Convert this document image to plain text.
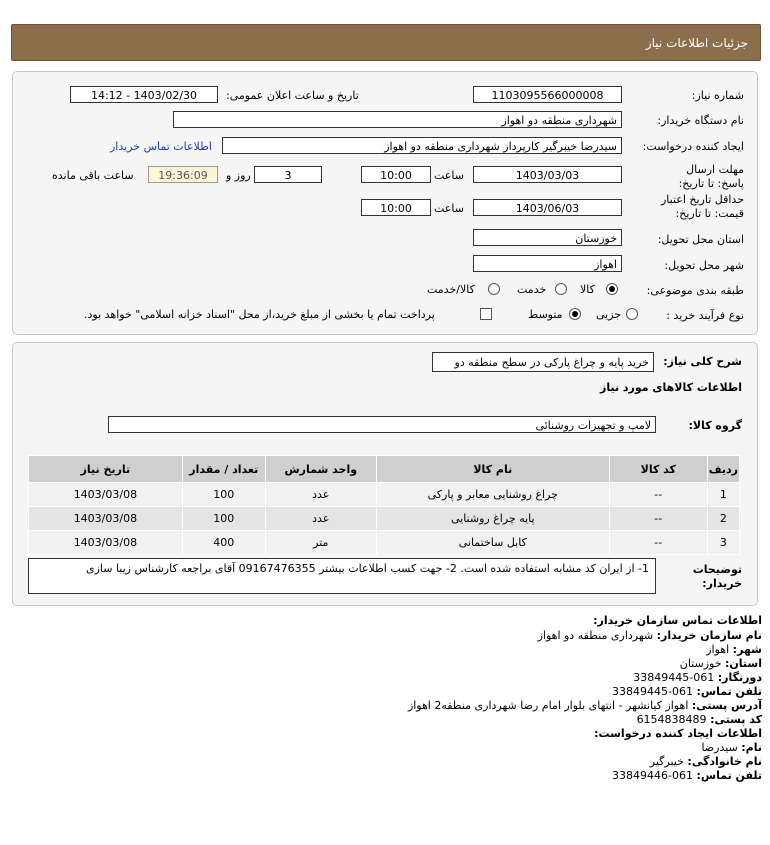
جزئیات اطلاعات نیاز
شماره نیاز:
1103095566000008
تاریخ و ساعت اعلان عمومی:
1403/02/30 - 14:12
نام دستگاه خریدار:
شهرداری منطقه دو اهواز
ایجاد کننده درخواست:
سیدرضا خیبرگیر کارپرداز شهرداری منطقه دو اهواز
اطلاعات تماس خریدار
مهلت ارسال پاسخ: تا تاریخ:
1403/03/03
ساعت
10:00
3
روز و
19:36:09
ساعت باقی مانده
حداقل تاریخ اعتبار قیمت: تا تاریخ:
1403/06/03
ساعت
10:00
استان محل تحویل:
خوزستان
شهر محل تحویل:
اهواز
طبقه بندی موضوعی:
کالا
خدمت
کالا/خدمت
نوع فرآیند خرید :
جزیی
متوسط
پرداخت تمام یا بخشی از مبلغ خرید،از محل "اسناد خزانه اسلامی" خواهد بود.
شرح کلی نیاز:
خرید پایه و چراغ پارکی در سطح منطقه دو
اطلاعات کالاهای مورد نیاز
گروه کالا:
لامپ و تجهیزات روشنائی
ردیف	کد کالا	نام کالا	واحد شمارش	تعداد / مقدار	تاریخ نیاز
1	--	چراغ روشنایی معابر و پارکی	عدد	100	1403/03/08
2	--	پایه چراغ روشنایی	عدد	100	1403/03/08
3	--	کابل ساختمانی	متر	400	1403/03/08
توضیحات خریدار:
1- از ایران کد مشابه استفاده شده است. 2- جهت کسب اطلاعات بیشتر 09167476355 آقای براجعه کارشناس زیبا سازی
اطلاعات تماس سازمان خریدار:
نام سازمان خریدار: شهرداری منطقه دو اهواز
شهر: اهواز
استان: خوزستان
دورنگار: 061-33849445
تلفن تماس: 061-33849445
آدرس پستی: اهواز کیانشهر - انتهای بلوار امام رضا شهرداری منطقه2 اهواز
کد پستی: 6154838489
اطلاعات ایجاد کننده درخواست:
نام: سیدرضا
نام خانوادگی: خیبرگیر
تلفن تماس: 061-33849446
